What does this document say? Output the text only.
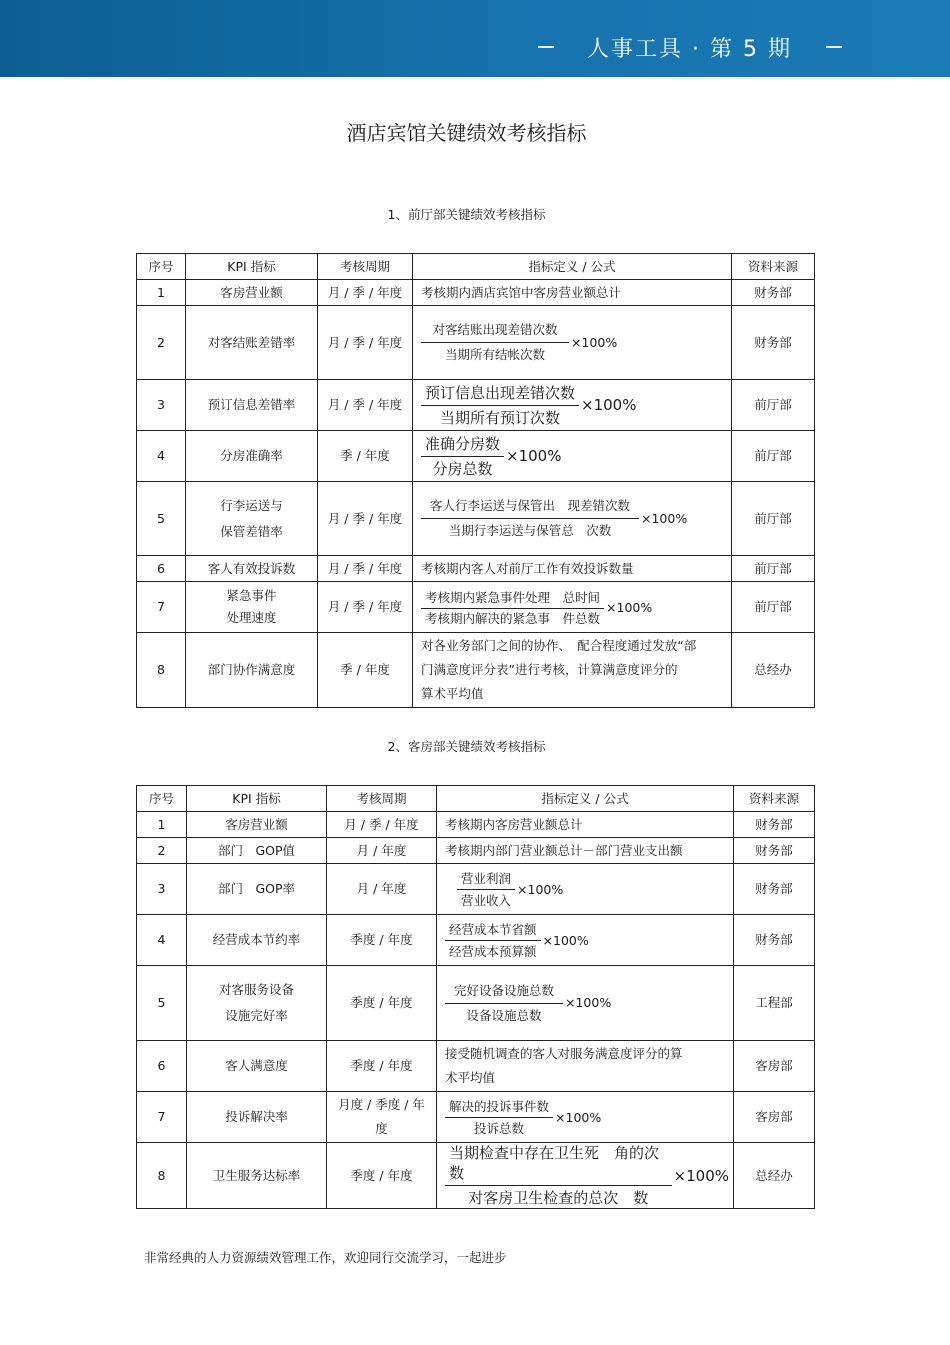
人事工具 · 第 5 期
酒店宾馆关键绩效考核指标
1、前厅部关键绩效考核指标
序号	KPI 指标	考核周期	指标定义 / 公式	资料来源
1	客房营业额	月 / 季 / 年度	考核期内酒店宾馆中客房营业额总计	财务部
2	对客结账差错率	月 / 季 / 年度	$\frac{\text{对客结账出现差错次数}}{\text{当期所有结帐次数}} \times 100\%$	财务部
3	预订信息差错率	月 / 季 / 年度	$\frac{\text{预订信息出现差错次数}}{\text{当期所有预订次数}} \times 100\%$	前厅部
4	分房准确率	季 / 年度	$\frac{\text{准确分房数}}{\text{分房总数}} \times 100\%$	前厅部
5	行李运送与
保管差错率	月 / 季 / 年度	$\frac{\text{客人行李运送与保管出　现差错次数}}{\text{当期行李运送与保管总　次数}} \times 100\%$	前厅部
6	客人有效投诉数	月 / 季 / 年度	考核期内客人对前厅工作有效投诉数量	前厅部
7	紧急事件
处理速度	月 / 季 / 年度	$\frac{\text{考核期内紧急事件处理　总时间}}{\text{考核期内解决的紧急事　件总数}} \times 100\%$	前厅部
8	部门协作满意度	季 / 年度	对各业务部门之间的协作、　配合程度通过发放“部
门满意度评分表”进行考核，计算满意度评分的
算术平均值	总经办
2、客房部关键绩效考核指标
序号	KPI 指标	考核周期	指标定义 / 公式	资料来源
1	客房营业额	月 / 季 / 年度	考核期内客房营业额总计	财务部
2	部门　GOP值	月 / 年度	考核期内部门营业额总计－部门营业支出额	财务部
3	部门　GOP率	月 / 年度	$\frac{\text{营业利润}}{\text{营业收入}} \times 100\%$	财务部
4	经营成本节约率	季度 / 年度	$\frac{\text{经营成本节省额}}{\text{经营成本预算额}} \times 100\%$	财务部
5	对客服务设备
设施完好率	季度 / 年度	$\frac{\text{完好设备设施总数}}{\text{设备设施总数}} \times 100\%$	工程部
6	客人满意度	季度 / 年度	接受随机调查的客人对服务满意度评分的算
术平均值	客房部
7	投诉解决率	月度 / 季度 / 年
度	$\frac{\text{解决的投诉事件数}}{\text{投诉总数}} \times 100\%$	客房部
8	卫生服务达标率	季度 / 年度	$\frac{\text{当期检查中存在卫生死　角的次数}}{\text{对客房卫生检查的总次　数}} \times 100\%$	总经办
非常经典的人力资源绩效管理工作，欢迎同行交流学习，一起进步
